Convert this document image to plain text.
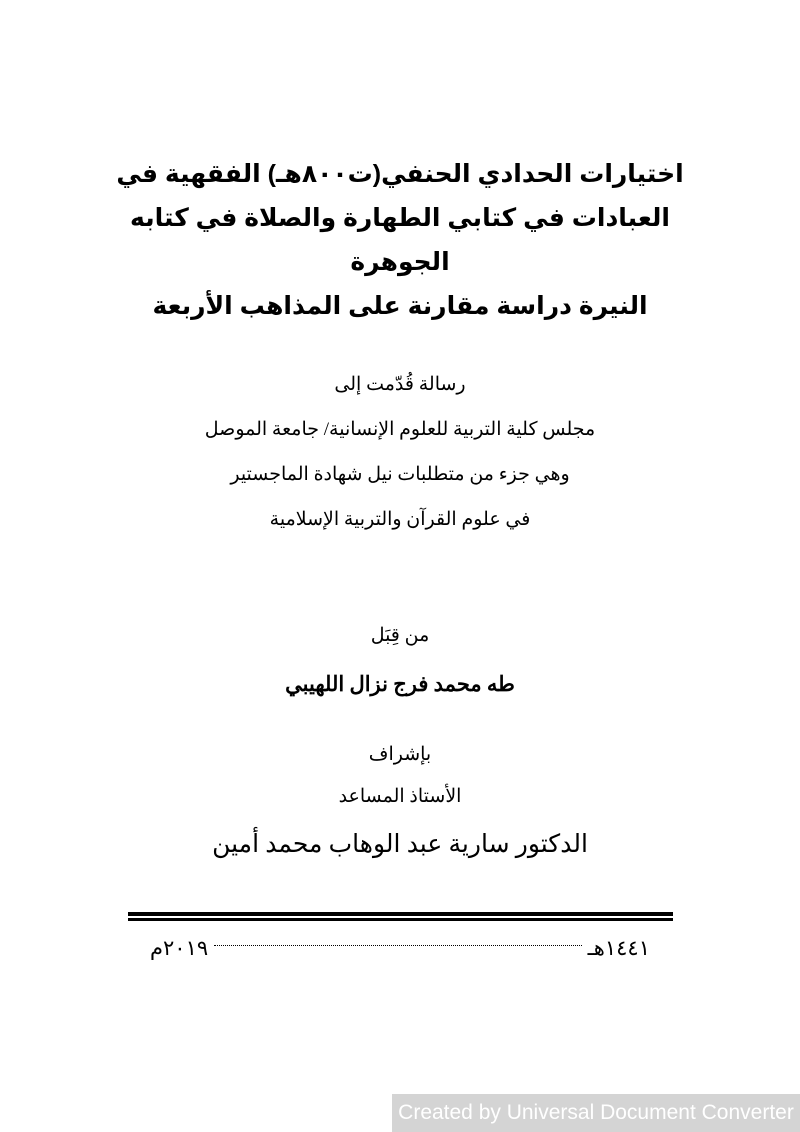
اختيارات الحدادي الحنفي(ت٨٠٠هـ) الفقهية في
العبادات في كتابي الطهارة والصلاة في كتابه الجوهرة
النيرة دراسة مقارنة على المذاهب الأربعة
رسالة قُدّمت إلى
مجلس كلية التربية للعلوم الإنسانية/ جامعة الموصل
وهي جزء من متطلبات نيل شهادة الماجستير
في علوم القرآن والتربية الإسلامية
من قِبَل
طه محمد فرج نزال اللهيبي
بإشراف
الأستاذ المساعد
الدكتور سارية عبد الوهاب محمد أمين
١٤٤١هـ
٢٠١٩م
Created by Universal Document Converter
